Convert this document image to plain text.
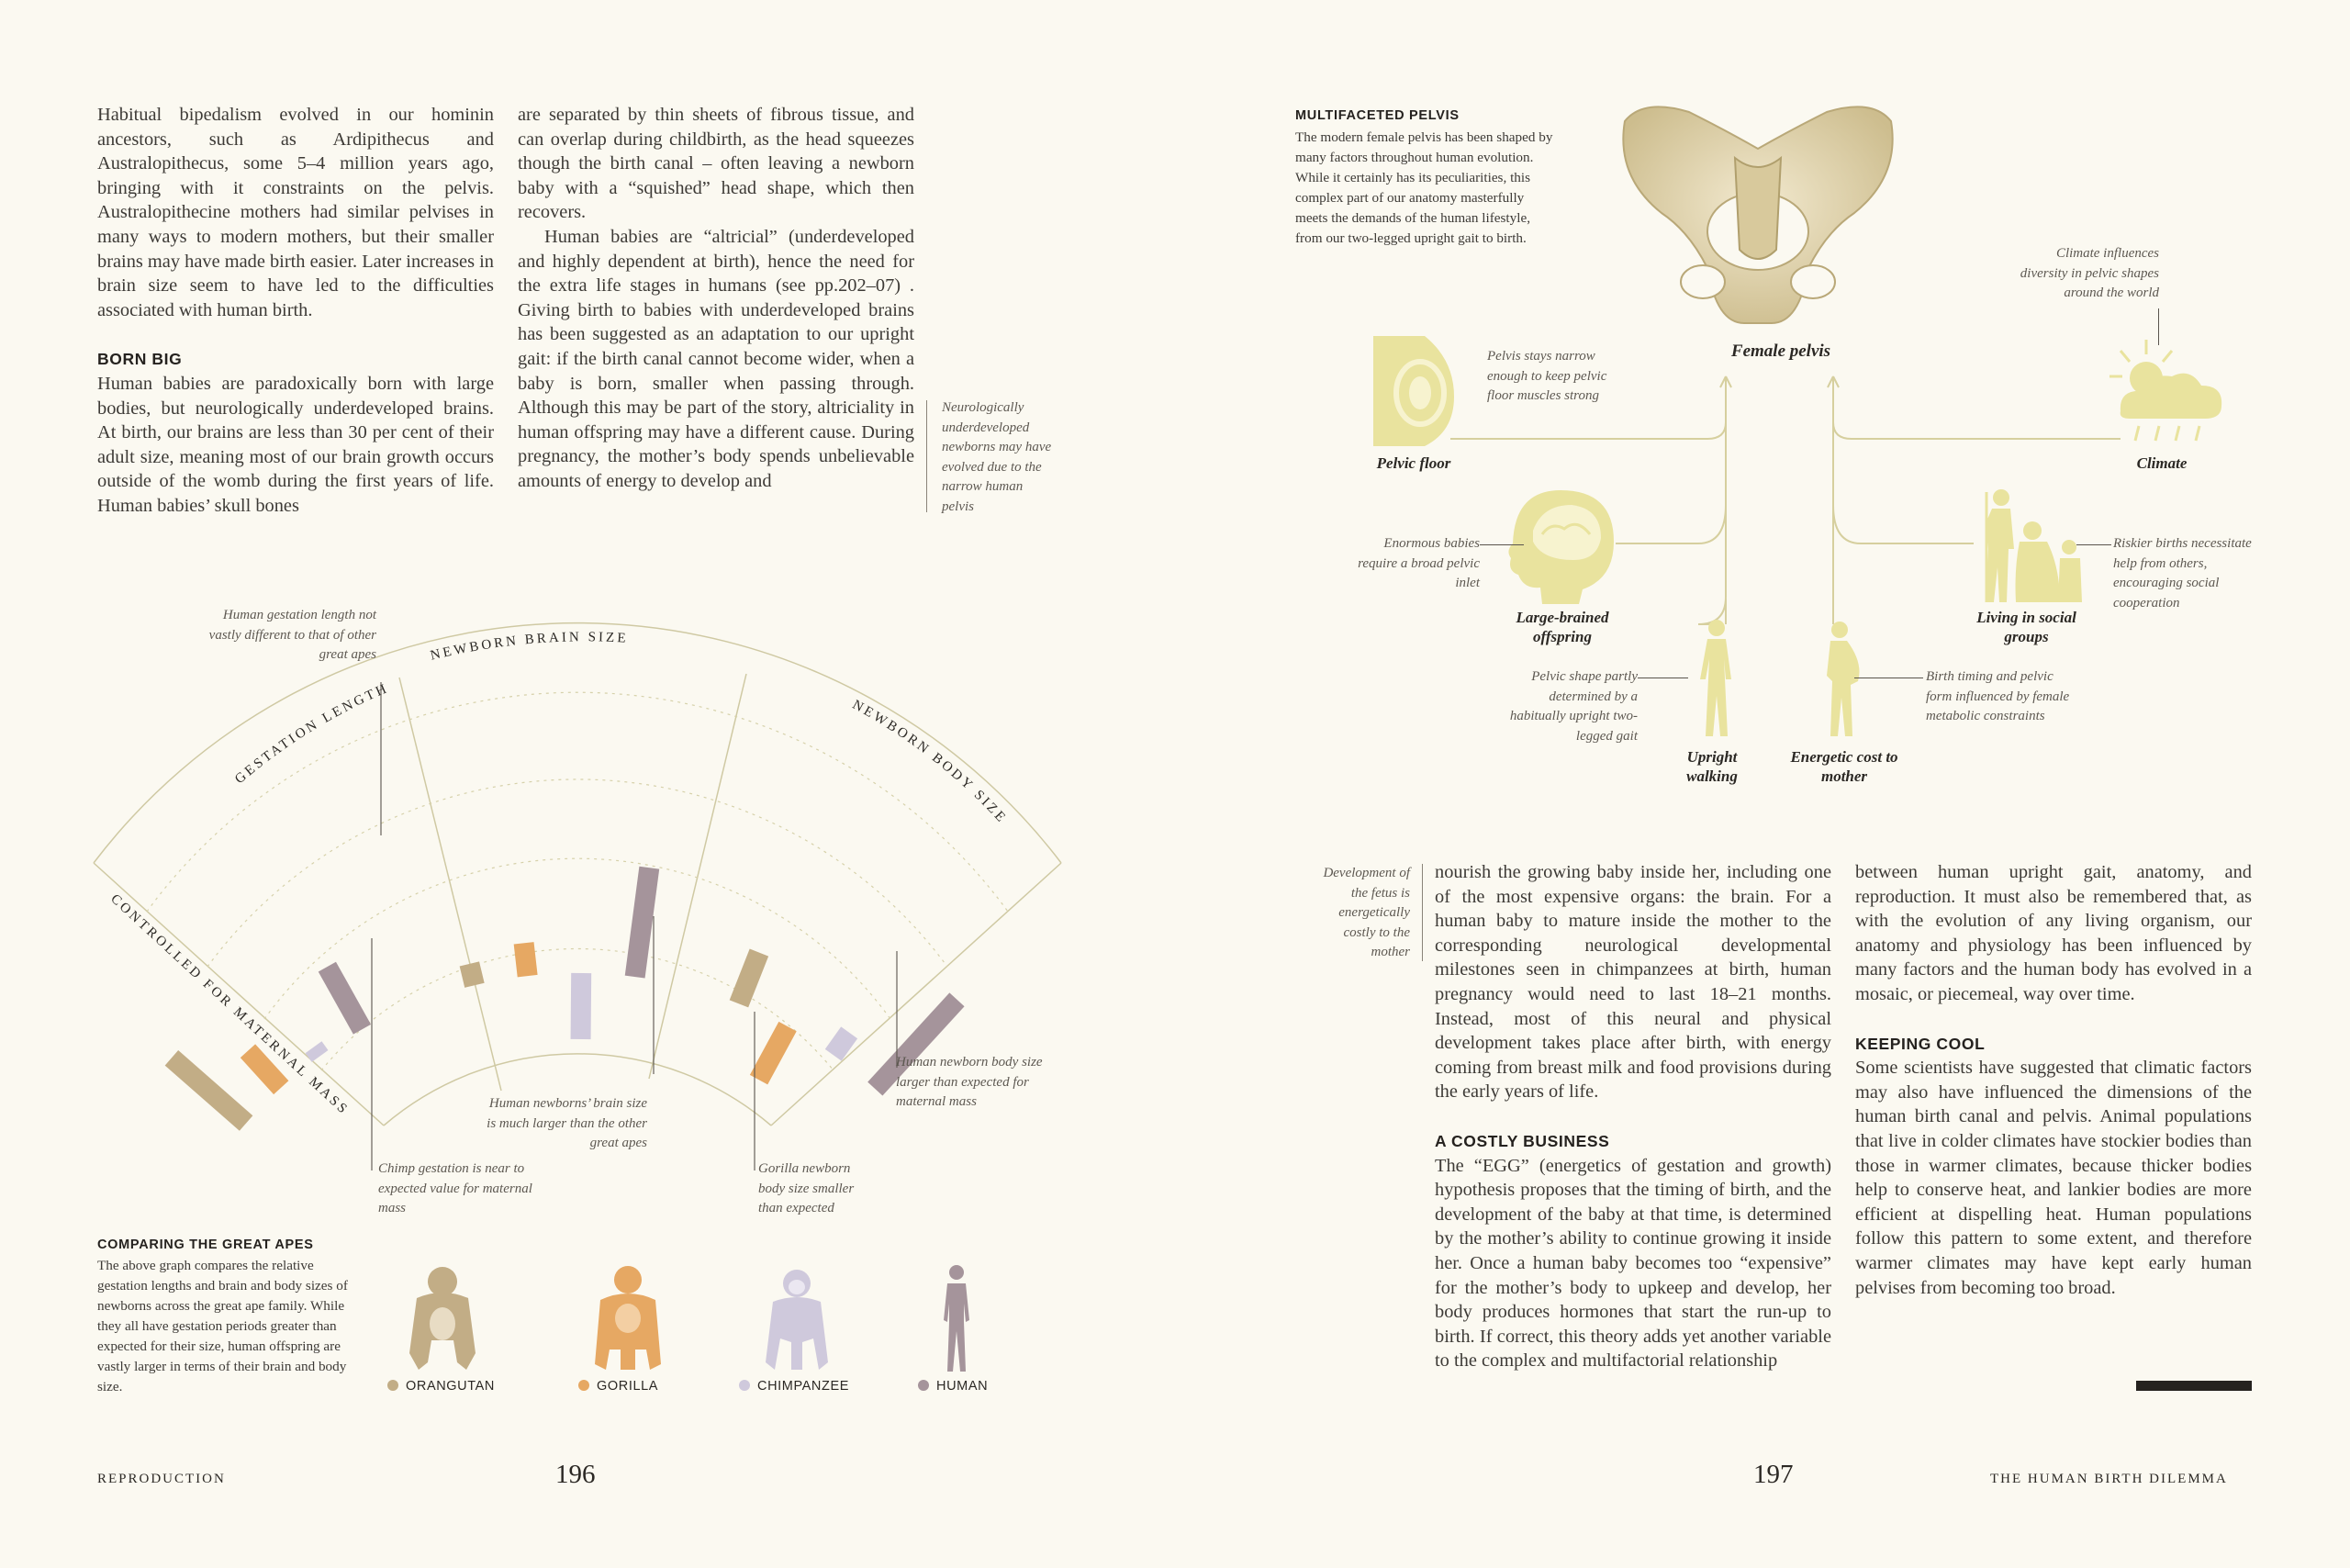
Habitual bipedalism evolved in our hominin ancestors, such as Ardipithecus and Australopithecus, some 5–4 million years ago, bringing with it constraints on the pelvis. Australopithecine mothers had similar pelvises in many ways to modern mothers, but their smaller brains may have made birth easier. Later increases in brain size seem to have led to the difficulties associated with human birth.

BORN BIG

Human babies are paradoxically born with large bodies, but neurologically underdeveloped brains. At birth, our brains are less than 30 per cent of their adult size, meaning most of our brain growth occurs outside of the womb during the first years of life. Human babies’ skull bones

are separated by thin sheets of fibrous tissue, and can overlap during childbirth, as the head squeezes though the birth canal – often leaving a newborn baby with a “squished” head shape, which then recovers.

Human babies are “altricial” (underdeveloped and highly dependent at birth), hence the need for the extra life stages in humans (see pp.202–07) . Giving birth to babies with underdeveloped brains has been suggested as an adaptation to our upright gait: if the birth canal cannot become wider, when a baby is born, smaller when passing through. Although this may be part of the story, altriciality in human offspring may have a different cause. During pregnancy, the mother’s body spends unbelievable amounts of energy to develop and

Neurologically underdeveloped newborns may have evolved due to the narrow human pelvis
GESTATION LENGTH
NEWBORN BRAIN SIZE
NEWBORN BODY SIZE
CONTROLLED FOR MATERNAL MASS
Human gestation length not vastly different to that of other great apes
Chimp gestation is near to expected value for maternal mass
Human newborns’ brain size is much larger than the other great apes
Gorilla newborn body size smaller than expected
Human newborn body size larger than expected for maternal mass
COMPARING THE GREAT APES
The above graph compares the relative gestation lengths and brain and body sizes of newborns across the great ape family. While they all have gestation periods greater than expected for their size, human offspring are vastly larger in terms of their brain and body size.	ORANGUTAN	GORILLA	CHIMPANZEE	HUMAN
REPRODUCTION	196
MULTIFACETED PELVIS
The modern female pelvis has been shaped by many factors throughout human evolution. While it certainly has its peculiarities, this complex part of our anatomy masterfully meets the demands of the human lifestyle, from our two-legged upright gait to birth.
Female pelvis
Pelvic floor
Pelvis stays narrow enough to keep pelvic floor muscles strong
Climate
Climate influences diversity in pelvic shapes around the world
Large-brained offspring
Enormous babies require a broad pelvic inlet
Living in social groups
Riskier births necessitate help from others, encouraging social cooperation
Upright walking
Pelvic shape partly determined by a habitually upright two-legged gait
Energetic cost to mother
Birth timing and pelvic form influenced by female metabolic constraints
Development of the fetus is energetically costly to the mother

nourish the growing baby inside her, including one of the most expensive organs: the brain. For a human baby to mature inside the mother to the corresponding neurological developmental milestones seen in chimpanzees at birth, human pregnancy would need to last 18–21 months. Instead, most of this neural and physical development takes place after birth, with energy coming from breast milk and food provisions during the early years of life.

A COSTLY BUSINESS

The “EGG” (energetics of gestation and growth) hypothesis proposes that the timing of birth, and the development of the baby at that time, is determined by the mother’s ability to continue growing it inside her. Once a human baby becomes too “expensive” for the mother’s body to upkeep and develop, her body produces hormones that start the run-up to birth. If correct, this theory adds yet another variable to the complex and multifactorial relationship

between human upright gait, anatomy, and reproduction. It must also be remembered that, as with the evolution of any living organism, our anatomy and physiology has been influenced by many factors and the human body has evolved in a mosaic, or piecemeal, way over time.

KEEPING COOL

Some scientists have suggested that climatic factors may also have influenced the dimensions of the human birth canal and pelvis. Animal populations that live in colder climates have stockier bodies than those in warmer climates, because thicker bodies help to conserve heat, and lankier bodies are more efficient at dispelling heat. Human populations follow this pattern to some extent, and therefore warmer climates may have kept early human pelvises from becoming too broad.

197	THE HUMAN BIRTH DILEMMA
